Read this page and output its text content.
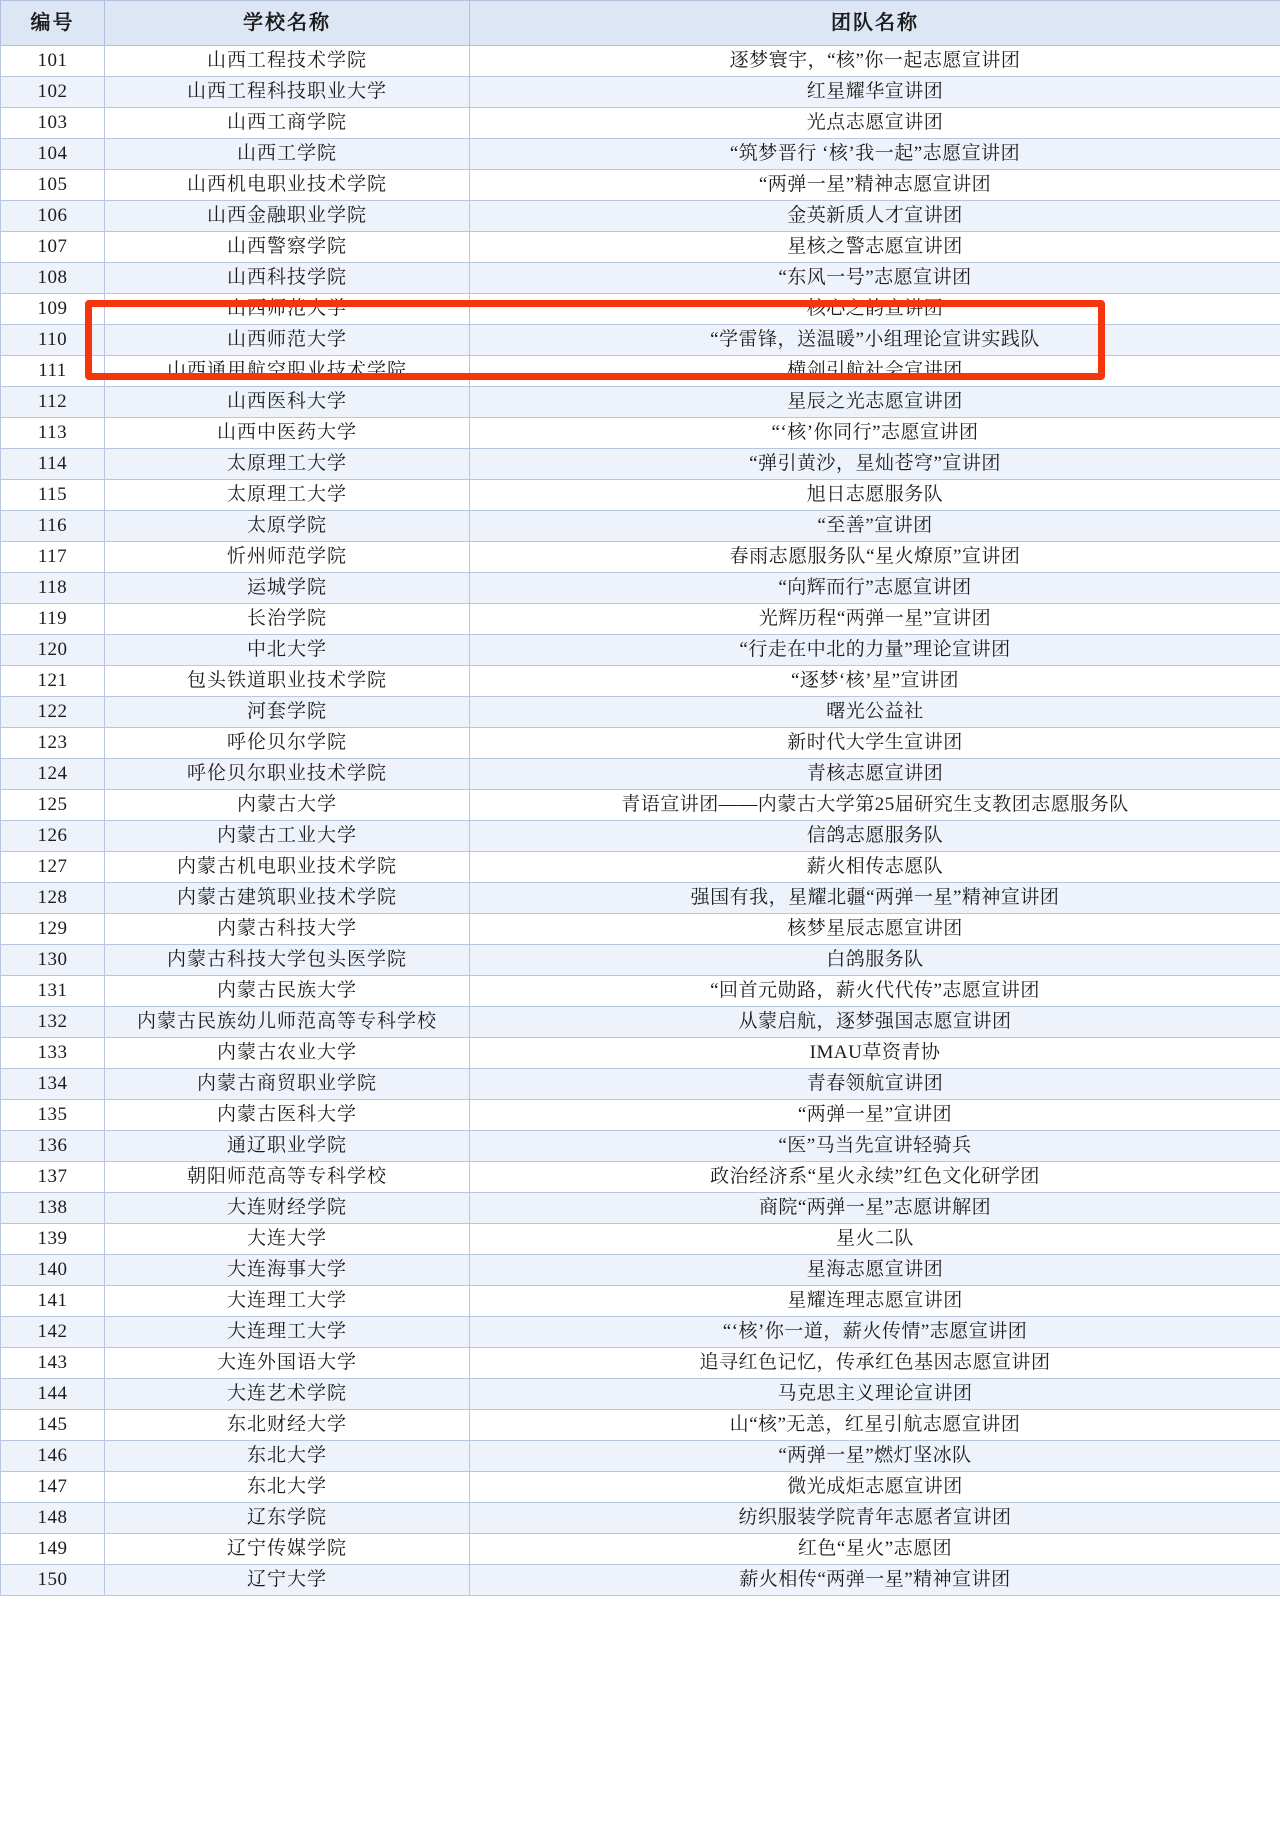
编号	学校名称	团队名称
101	山西工程技术学院	逐梦寰宇，“核”你一起志愿宣讲团
102	山西工程科技职业大学	红星耀华宣讲团
103	山西工商学院	光点志愿宣讲团
104	山西工学院	“筑梦晋行 ‘核’我一起”志愿宣讲团
105	山西机电职业技术学院	“两弹一星”精神志愿宣讲团
106	山西金融职业学院	金英新质人才宣讲团
107	山西警察学院	星核之警志愿宣讲团
108	山西科技学院	“东风一号”志愿宣讲团
109	山西师范大学	核心之韵宣讲团
110	山西师范大学	“学雷锋，送温暖”小组理论宣讲实践队
111	山西通用航空职业技术学院	横剑引航社会宣讲团
112	山西医科大学	星辰之光志愿宣讲团
113	山西中医药大学	“‘核’你同行”志愿宣讲团
114	太原理工大学	“弹引黄沙，星灿苍穹”宣讲团
115	太原理工大学	旭日志愿服务队
116	太原学院	“至善”宣讲团
117	忻州师范学院	春雨志愿服务队“星火燎原”宣讲团
118	运城学院	“向辉而行”志愿宣讲团
119	长治学院	光辉历程“两弹一星”宣讲团
120	中北大学	“行走在中北的力量”理论宣讲团
121	包头铁道职业技术学院	“逐梦‘核’星”宣讲团
122	河套学院	曙光公益社
123	呼伦贝尔学院	新时代大学生宣讲团
124	呼伦贝尔职业技术学院	青核志愿宣讲团
125	内蒙古大学	青语宣讲团——内蒙古大学第25届研究生支教团志愿服务队
126	内蒙古工业大学	信鸽志愿服务队
127	内蒙古机电职业技术学院	薪火相传志愿队
128	内蒙古建筑职业技术学院	强国有我，星耀北疆“两弹一星”精神宣讲团
129	内蒙古科技大学	核梦星辰志愿宣讲团
130	内蒙古科技大学包头医学院	白鸽服务队
131	内蒙古民族大学	“回首元勋路，薪火代代传”志愿宣讲团
132	内蒙古民族幼儿师范高等专科学校	从蒙启航，逐梦强国志愿宣讲团
133	内蒙古农业大学	IMAU草资青协
134	内蒙古商贸职业学院	青春领航宣讲团
135	内蒙古医科大学	“两弹一星”宣讲团
136	通辽职业学院	“医”马当先宣讲轻骑兵
137	朝阳师范高等专科学校	政治经济系“星火永续”红色文化研学团
138	大连财经学院	商院“两弹一星”志愿讲解团
139	大连大学	星火二队
140	大连海事大学	星海志愿宣讲团
141	大连理工大学	星耀连理志愿宣讲团
142	大连理工大学	“‘核’你一道，薪火传情”志愿宣讲团
143	大连外国语大学	追寻红色记忆，传承红色基因志愿宣讲团
144	大连艺术学院	马克思主义理论宣讲团
145	东北财经大学	山“核”无恙，红星引航志愿宣讲团
146	东北大学	“两弹一星”燃灯坚冰队
147	东北大学	微光成炬志愿宣讲团
148	辽东学院	纺织服装学院青年志愿者宣讲团
149	辽宁传媒学院	红色“星火”志愿团
150	辽宁大学	薪火相传“两弹一星”精神宣讲团
